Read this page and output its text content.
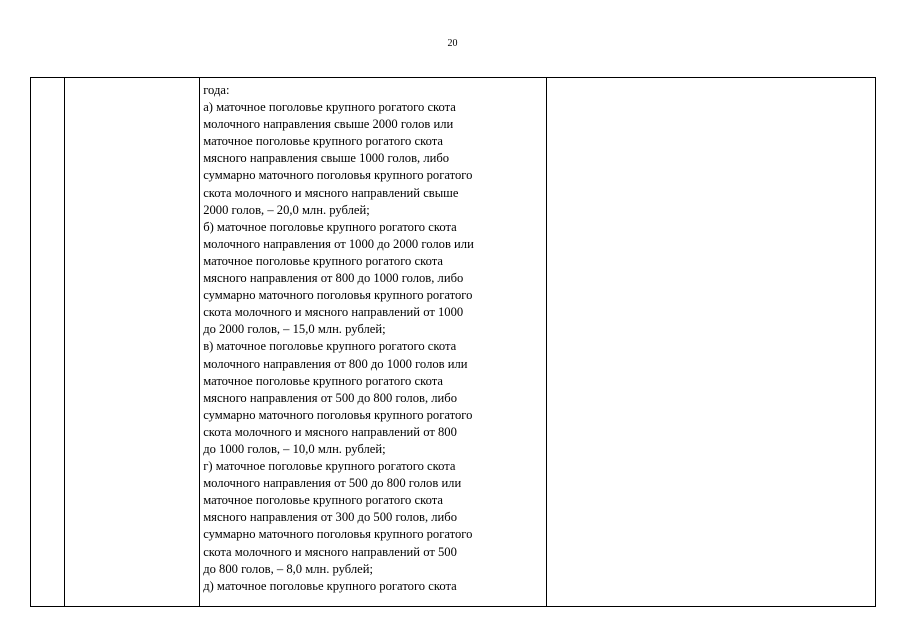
20

года:
а) маточное поголовье крупного рогатого скота
молочного направления свыше 2000 голов или
маточное поголовье крупного рогатого скота
мясного направления свыше 1000 голов, либо
суммарно маточного поголовья крупного рогатого
скота молочного и мясного направлений свыше
2000 голов, – 20,0 млн. рублей;
б) маточное поголовье крупного рогатого скота
молочного направления от 1000 до 2000 голов или
маточное поголовье крупного рогатого скота
мясного направления от 800 до 1000 голов, либо
суммарно маточного поголовья крупного рогатого
скота молочного и мясного направлений от 1000
до 2000 голов, – 15,0 млн. рублей;
в) маточное поголовье крупного рогатого скота
молочного направления от 800 до 1000 голов или
маточное поголовье крупного рогатого скота
мясного направления от 500 до 800 голов, либо
суммарно маточного поголовья крупного рогатого
скота молочного и мясного направлений от 800
до 1000 голов, – 10,0 млн. рублей;
г) маточное поголовье крупного рогатого скота
молочного направления от 500 до 800 голов или
маточное поголовье крупного рогатого скота
мясного направления от 300 до 500 голов, либо
суммарно маточного поголовья крупного рогатого
скота молочного и мясного направлений от 500
до 800 голов, – 8,0 млн. рублей;
д) маточное поголовье крупного рогатого скота
